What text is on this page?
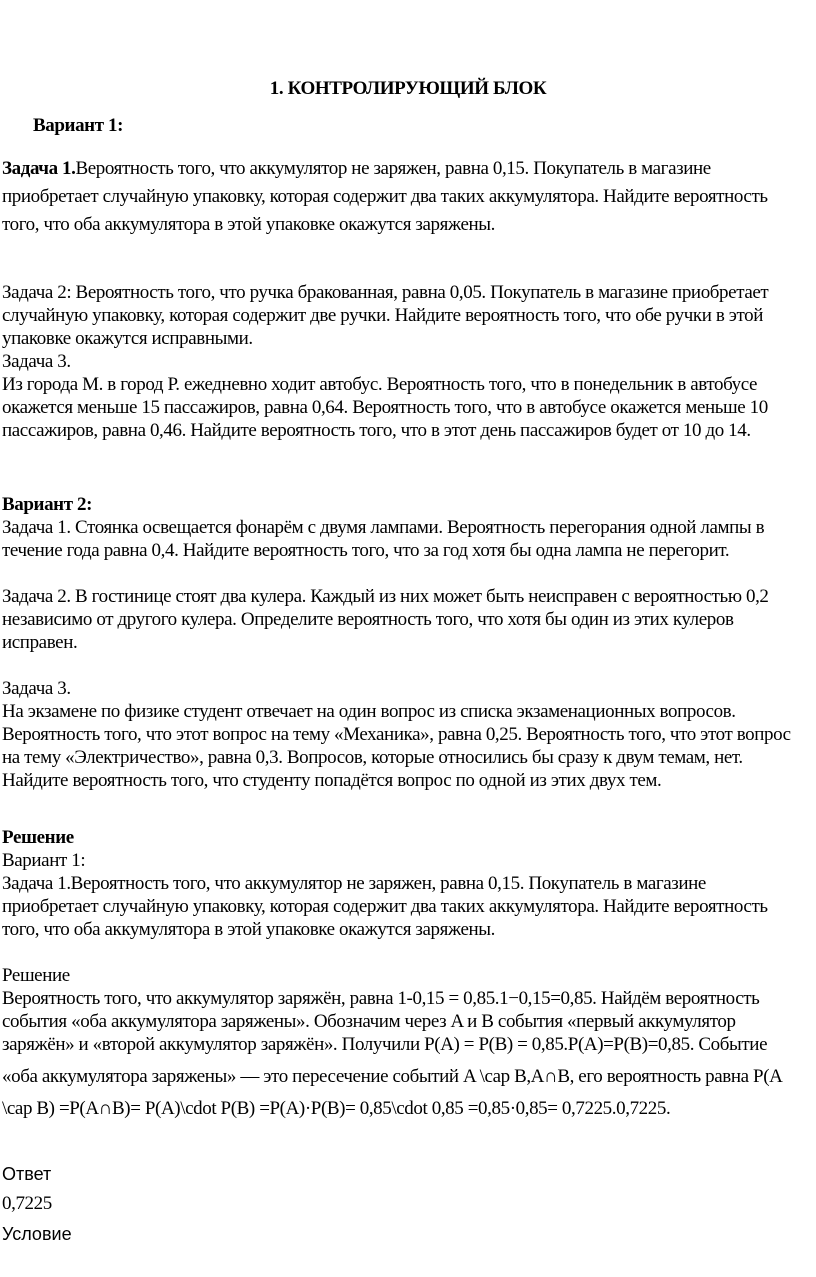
1. КОНТРОЛИРУЮЩИЙ БЛОК
Вариант 1:
Задача 1.Вероятность того, что аккумулятор не заряжен, равна 0,15. Покупатель в магазине
приобретает случайную упаковку, которая содержит два таких аккумулятора. Найдите вероятность
того, что оба аккумулятора в этой упаковке окажутся заряжены.
Задача 2: Вероятность того, что ручка бракованная, равна 0,05. Покупатель в магазине приобретает
случайную упаковку, которая содержит две ручки. Найдите вероятность того, что обе ручки в этой
упаковке окажутся исправными.
Задача 3.
Из города М. в город Р. ежедневно ходит автобус. Вероятность того, что в понедельник в автобусе
окажется меньше 15 пассажиров, равна 0,64. Вероятность того, что в автобусе окажется меньше 10
пассажиров, равна 0,46. Найдите вероятность того, что в этот день пассажиров будет от 10 до 14.
Вариант 2:
Задача 1. Стоянка освещается фонарём с двумя лампами. Вероятность перегорания одной лампы в
течение года равна 0,4. Найдите вероятность того, что за год хотя бы одна лампа не перегорит.
Задача 2. В гостинице стоят два кулера. Каждый из них может быть неисправен с вероятностью 0,2
независимо от другого кулера. Определите вероятность того, что хотя бы один из этих кулеров
исправен.
Задача 3.
На экзамене по физике студент отвечает на один вопрос из списка экзаменационных вопросов.
Вероятность того, что этот вопрос на тему «Механика», равна 0,25. Вероятность того, что этот вопрос
на тему «Электричество», равна 0,3. Вопросов, которые относились бы сразу к двум темам, нет.
Найдите вероятность того, что студенту попадётся вопрос по одной из этих двух тем.
Решение
Вариант 1:
Задача 1.Вероятность того, что аккумулятор не заряжен, равна 0,15. Покупатель в магазине
приобретает случайную упаковку, которая содержит два таких аккумулятора. Найдите вероятность
того, что оба аккумулятора в этой упаковке окажутся заряжены.
Решение
Вероятность того, что аккумулятор заряжён, равна 1-0,15 = 0,85.1−0,15=0,85. Найдём вероятность
события «оба аккумулятора заряжены». Обозначим через A и B события «первый аккумулятор
заряжён» и «второй аккумулятор заряжён». Получили P(A) = P(B) = 0,85.P(A)=P(B)=0,85. Событие
«оба аккумулятора заряжены» — это пересечение событий A \cap B,A∩B, его вероятность равна P(A
\cap B) =P(A∩B)= P(A)\cdot P(B) =P(A)·P(B)= 0,85\cdot 0,85 =0,85·0,85= 0,7225.0,7225.
Ответ
0,7225
Условие
